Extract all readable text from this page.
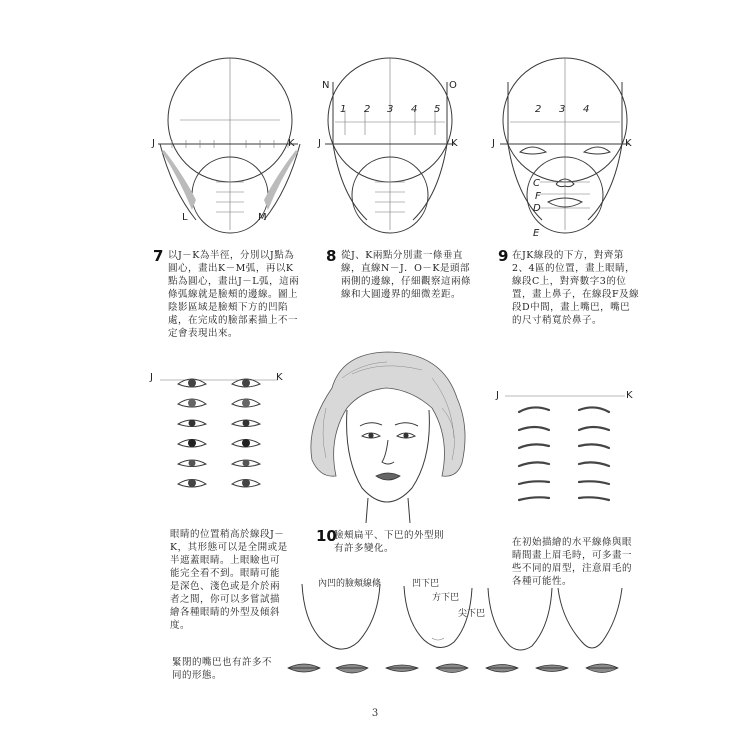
J	K
L	M
N	O
J	K
1 2 3 4 5
J	K
2 3 4
C
F
D
E
7 以J－K為半徑，分別以J點為圓心，畫出K－M弧，再以K點為圓心，畫出J－L弧，這兩條弧線就是臉頰的邊線。圖上陰影區域是臉頰下方的凹陷處，在完成的臉部素描上不一定會表現出來。
8 從J、K兩點分別畫一條垂直線，直線N－J．O－K是頭部兩側的邊線，仔細觀察這兩條線和大圓邊界的細微差距。
9 在JK線段的下方，對齊第2、4區的位置，畫上眼睛，線段C上，對齊數字3的位置，畫上鼻子，在線段F及線段D中間，畫上嘴巴，嘴巴的尺寸稍寬於鼻子。
J	K
眼睛的位置稍高於線段J－K，其形態可以是全開或是半遮蓋眼睛。上眼瞼也可能完全看不到。眼睛可能是深色、淺色或是介於兩者之間，你可以多嘗試描繪各種眼睛的外型及傾斜度。
10
臉頰扁平、下巴的外型則有許多變化。
內凹的臉頰線條	凹下巴
方下巴
尖下巴
J	K
在初始描繪的水平線條與眼睛間畫上眉毛時，可多畫一些不同的眉型，注意眉毛的各種可能性。
緊閉的嘴巴也有許多不同的形態。
3
